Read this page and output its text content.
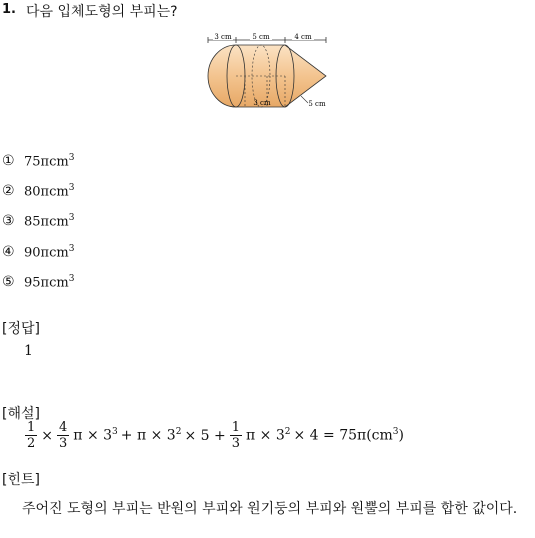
1. 다음 입체도형의 부피는?
3 cm	5 cm	4 cm
3 cm	5 cm
① 75πcm$^3$
② 80πcm$^3$
③ 85πcm$^3$
④ 90πcm$^3$
⑤ 95πcm$^3$
[정답]
1
[해설]
$\frac{1}{2} \times \frac{4}{3}$ $\pi \times 3^3 + \pi \times 3^2 \times 5 + \frac{1}{3}$ $\pi \times 3^2 \times 4 = 75\pi(cm^3)$
[힌트]
주어진 도형의 부피는 반원의 부피와 원기둥의 부피와 원뿔의 부피를 합한 값이다.
